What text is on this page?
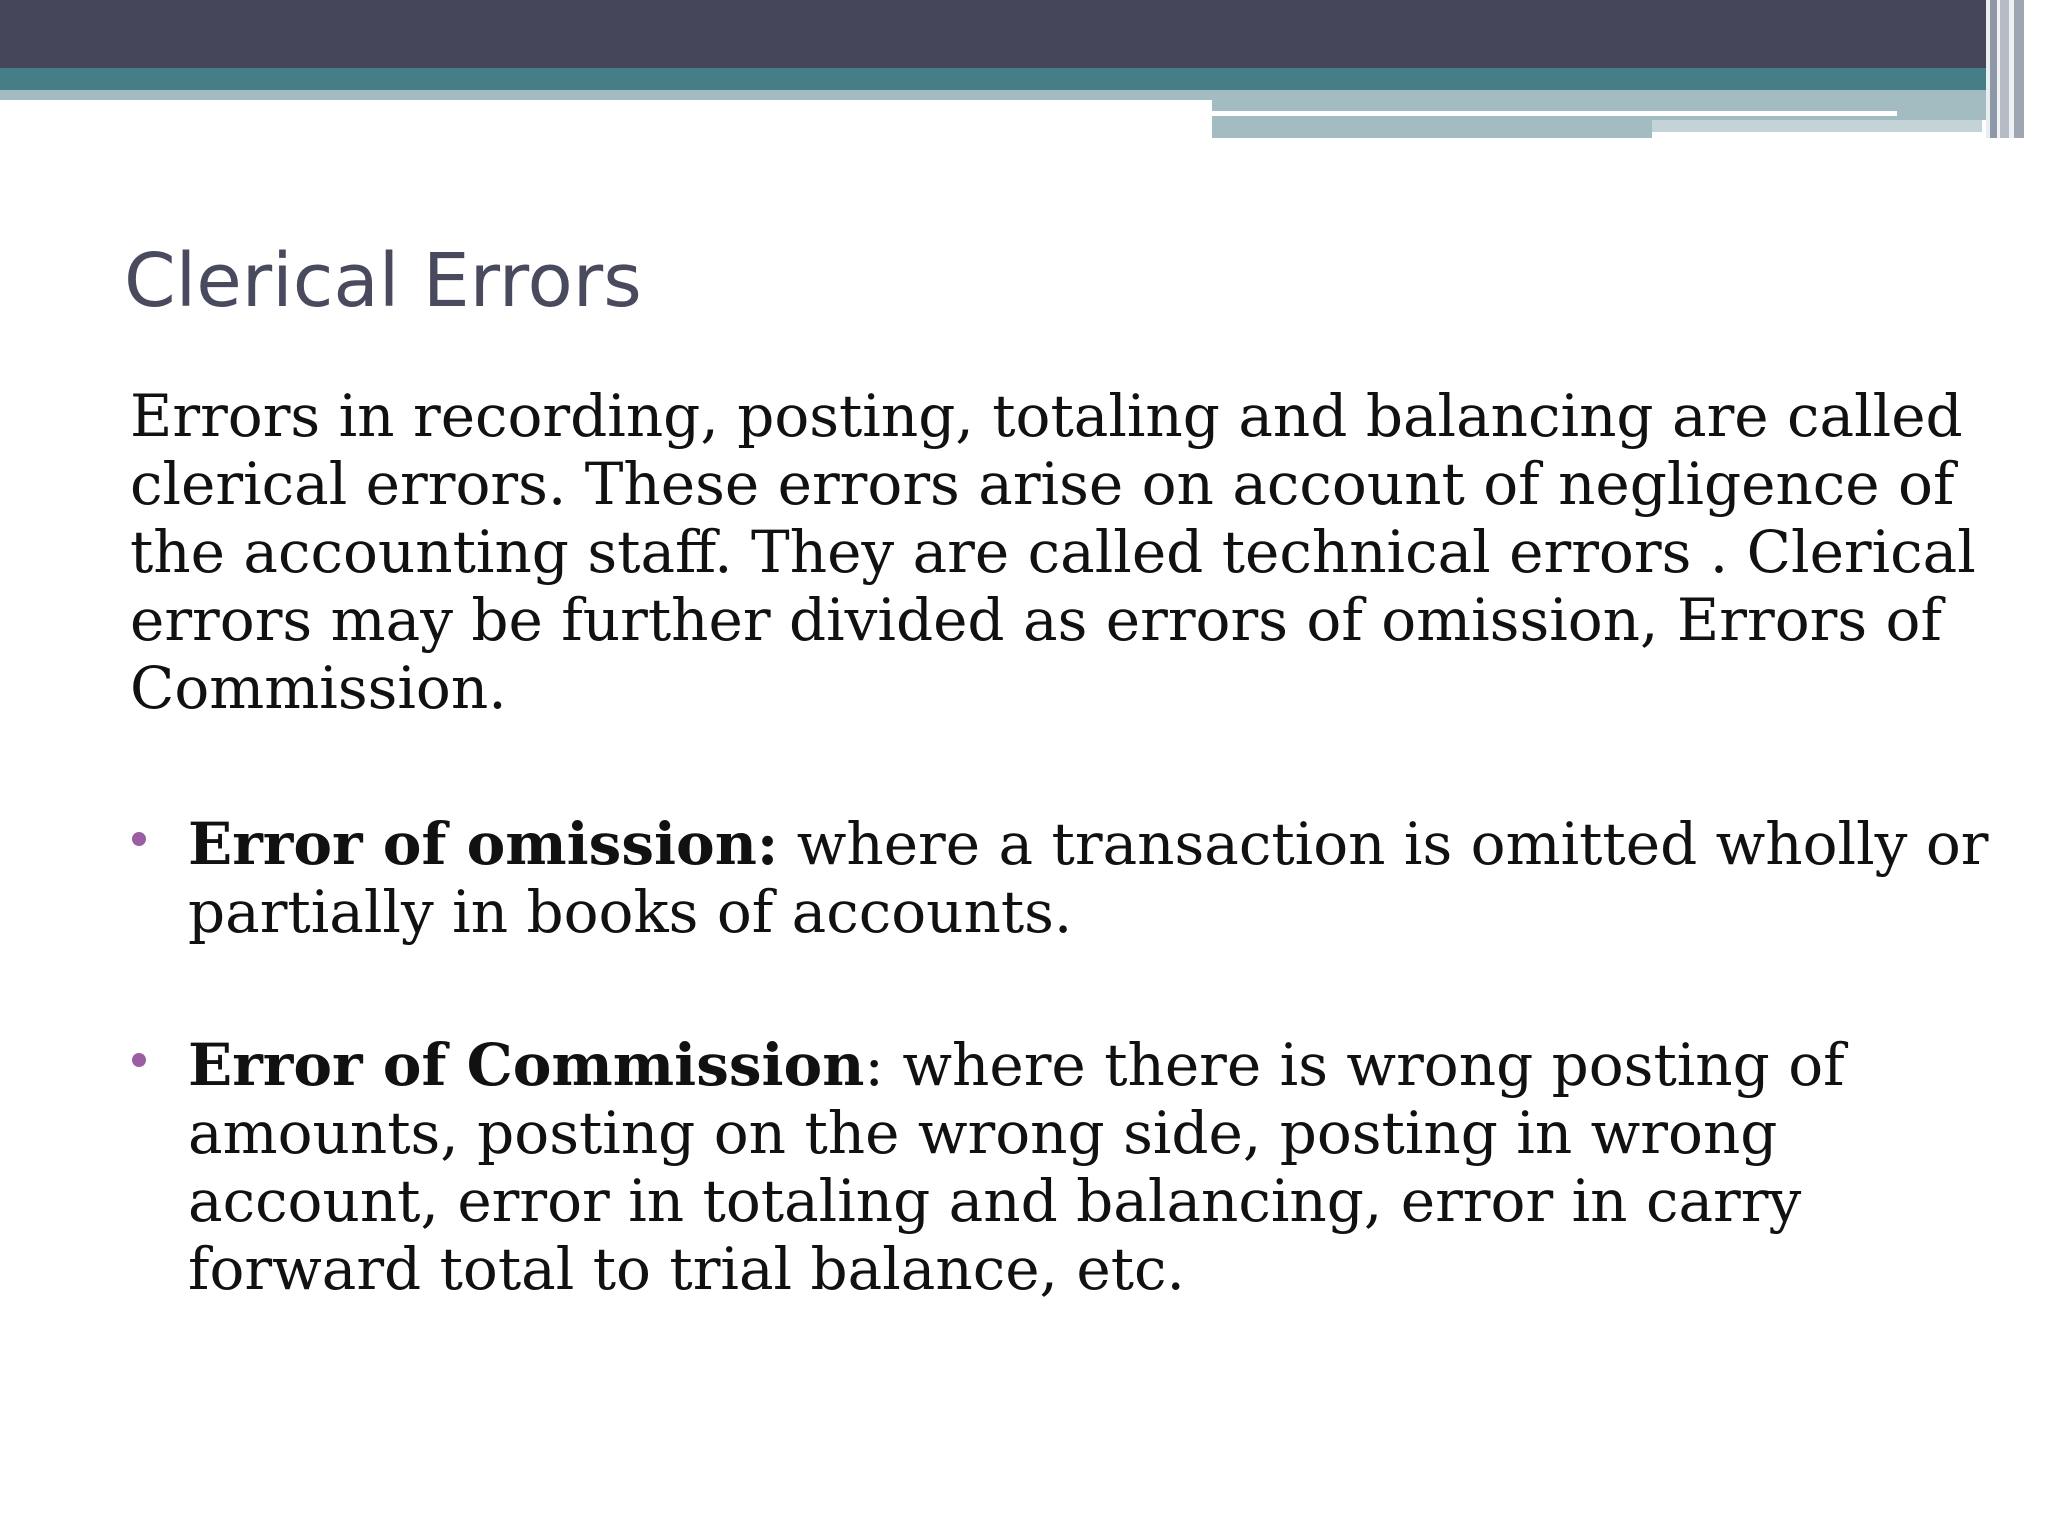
Clerical Errors

Errors in recording, posting, totaling and balancing are called clerical errors. These errors arise on account of negligence of the accounting staff. They are called technical errors . Clerical errors may be further divided as errors of omission, Errors of Commission.

Error of omission: where a transaction is omitted wholly or partially in books of accounts.
Error of Commission: where there is wrong posting of amounts, posting on the wrong side, posting in wrong account, error in totaling and balancing, error in carry forward total to trial balance, etc.
